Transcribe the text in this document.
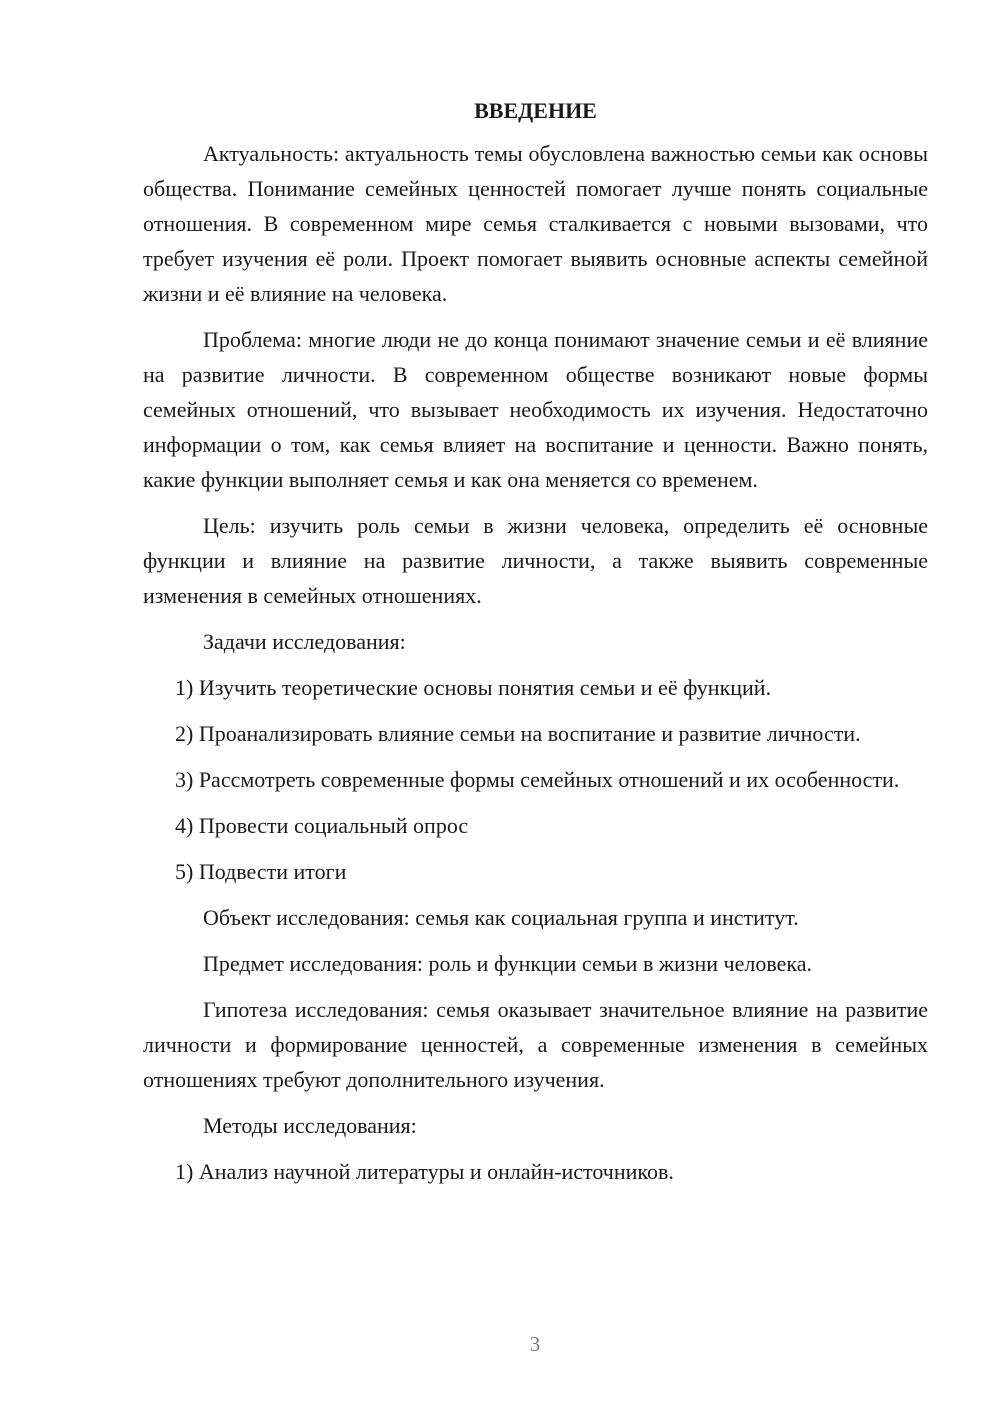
ВВЕДЕНИЕ

Актуальность: актуальность темы обусловлена важностью семьи как основы общества. Понимание семейных ценностей помогает лучше понять социальные отношения. В современном мире семья сталкивается с новыми вызовами, что требует изучения её роли. Проект помогает выявить основные аспекты семейной жизни и её влияние на человека.

Проблема: многие люди не до конца понимают значение семьи и её влияние на развитие личности. В современном обществе возникают новые формы семейных отношений, что вызывает необходимость их изучения. Недостаточно информации о том, как семья влияет на воспитание и ценности. Важно понять, какие функции выполняет семья и как она меняется со временем.

Цель: изучить роль семьи в жизни человека, определить её основные функции и влияние на развитие личности, а также выявить современные изменения в семейных отношениях.

Задачи исследования:

1) Изучить теоретические основы понятия семьи и её функций.

2) Проанализировать влияние семьи на воспитание и развитие личности.

3) Рассмотреть современные формы семейных отношений и их особенности.

4) Провести социальный опрос

5) Подвести итоги

Объект исследования: семья как социальная группа и институт.

Предмет исследования: роль и функции семьи в жизни человека.

Гипотеза исследования: семья оказывает значительное влияние на развитие личности и формирование ценностей, а современные изменения в семейных отношениях требуют дополнительного изучения.

Методы исследования:

1) Анализ научной литературы и онлайн-источников.

3
